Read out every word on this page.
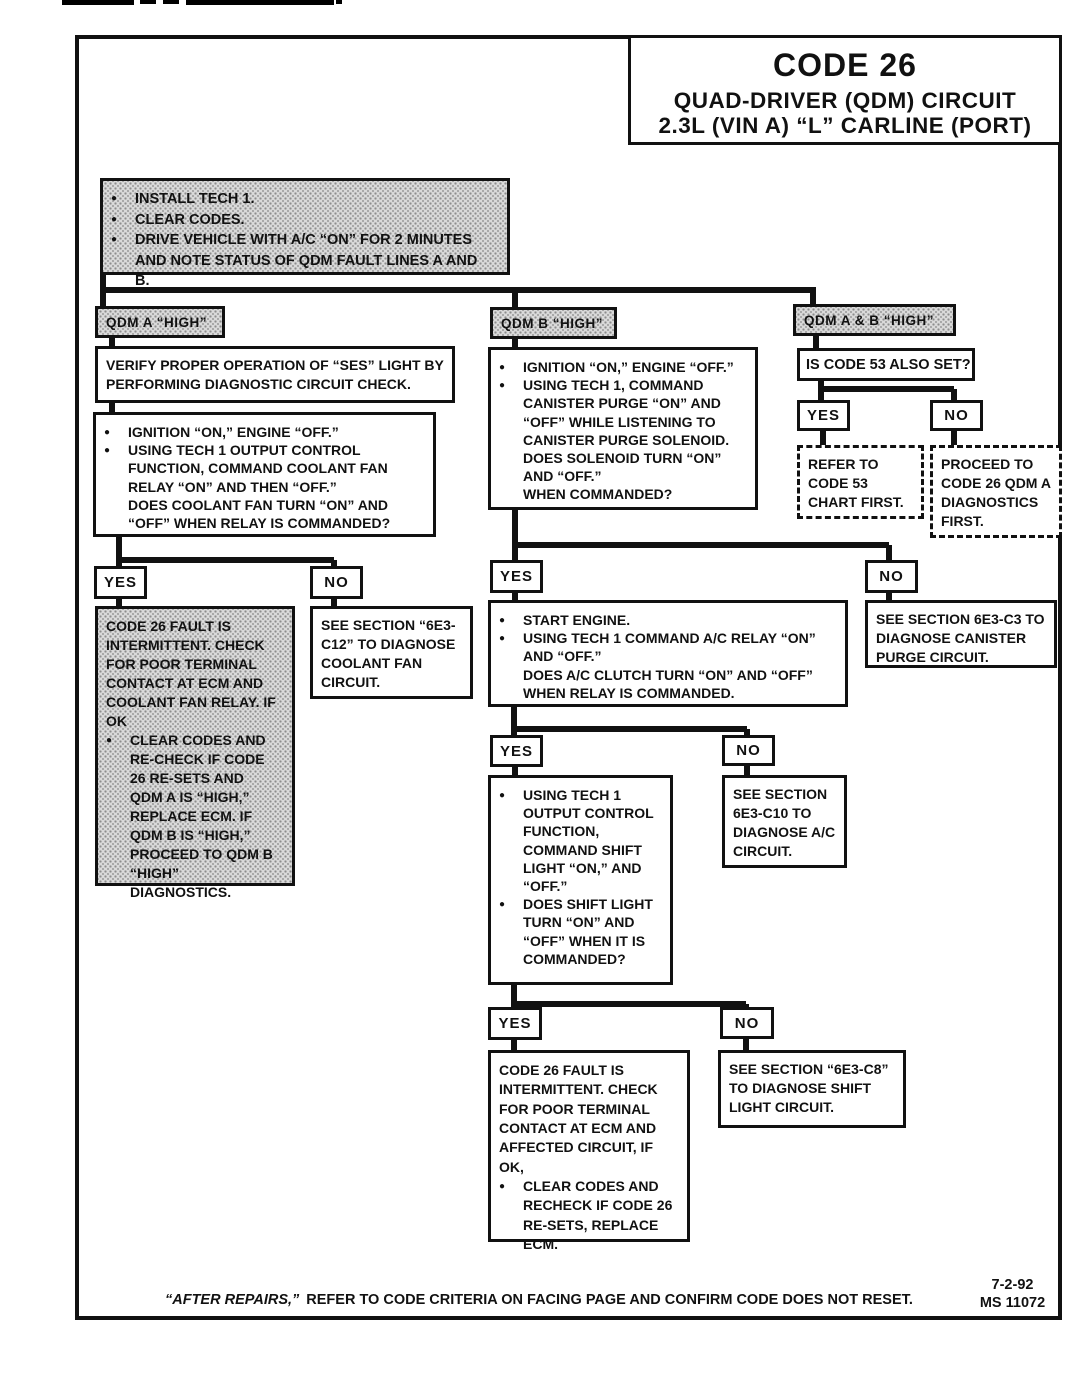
CODE 26
QUAD-DRIVER (QDM) CIRCUIT
2.3L (VIN A) “L” CARLINE (PORT)
●	INSTALL TECH 1.
●	CLEAR CODES.
●	DRIVE VEHICLE WITH A/C “ON” FOR 2 MINUTES
AND NOTE STATUS OF QDM FAULT LINES A AND B.
QDM A “HIGH”	QDM B “HIGH”	QDM A & B “HIGH”
VERIFY PROPER OPERATION OF “SES” LIGHT BY PERFORMING DIAGNOSTIC CIRCUIT CHECK.
●	IGNITION “ON,” ENGINE “OFF.”
●	USING TECH 1 OUTPUT CONTROL FUNCTION, COMMAND COOLANT FAN RELAY “ON” AND THEN “OFF.”
DOES COOLANT FAN TURN “ON” AND “OFF” WHEN RELAY IS COMMANDED?
YES	NO
CODE 26 FAULT IS INTERMITTENT. CHECK FOR POOR TERMINAL CONTACT AT ECM AND COOLANT FAN RELAY. IF OK
●	CLEAR CODES AND RE-CHECK IF CODE 26 RE-SETS AND QDM A IS “HIGH,” REPLACE ECM. IF QDM B IS “HIGH,” PROCEED TO QDM B “HIGH” DIAGNOSTICS.
SEE SECTION “6E3-C12” TO DIAGNOSE COOLANT FAN CIRCUIT.
●	IGNITION “ON,” ENGINE “OFF.”
●	USING TECH 1, COMMAND CANISTER PURGE “ON” AND “OFF” WHILE LISTENING TO CANISTER PURGE SOLENOID.
DOES SOLENOID TURN “ON” AND “OFF.”
WHEN COMMANDED?
YES	NO
●	START ENGINE.
●	USING TECH 1 COMMAND A/C RELAY “ON” AND “OFF.”
DOES A/C CLUTCH TURN “ON” AND “OFF” WHEN RELAY IS COMMANDED.
SEE SECTION 6E3-C3 TO DIAGNOSE CANISTER PURGE CIRCUIT.
YES	NO
●	USING TECH 1 OUTPUT CONTROL FUNCTION, COMMAND SHIFT LIGHT “ON,” AND “OFF.”
●	DOES SHIFT LIGHT TURN “ON” AND “OFF” WHEN IT IS COMMANDED?
SEE SECTION 6E3-C10 TO DIAGNOSE A/C CIRCUIT.
YES	NO
CODE 26 FAULT IS INTERMITTENT. CHECK FOR POOR TERMINAL CONTACT AT ECM AND AFFECTED CIRCUIT, IF OK,
●	CLEAR CODES AND RECHECK IF CODE 26 RE-SETS, REPLACE ECM.
SEE SECTION “6E3-C8” TO DIAGNOSE SHIFT LIGHT CIRCUIT.
IS CODE 53 ALSO SET?
YES	NO
REFER TO CODE 53 CHART FIRST.
PROCEED TO CODE 26 QDM A DIAGNOSTICS FIRST.
“AFTER REPAIRS,” REFER TO CODE CRITERIA ON FACING PAGE AND CONFIRM CODE DOES NOT RESET.
7-2-92
MS 11072
